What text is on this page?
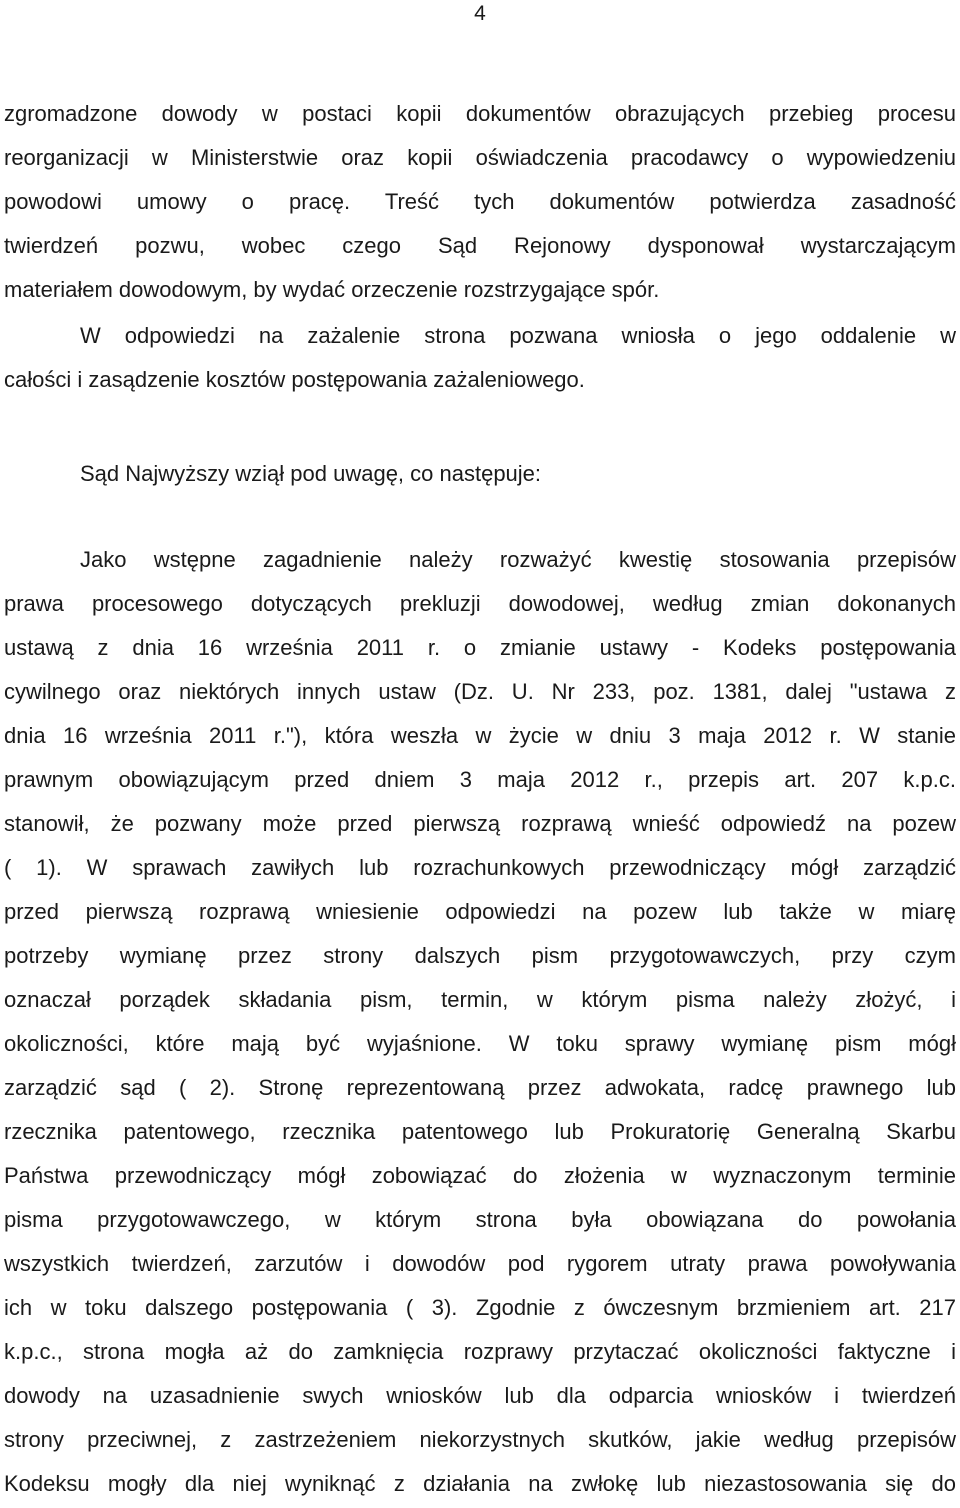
4
zgromadzone dowody w postaci kopii dokumentów obrazujących przebieg procesu
reorganizacji w Ministerstwie oraz kopii oświadczenia pracodawcy o wypowiedzeniu
powodowi umowy o pracę. Treść tych dokumentów potwierdza zasadność
twierdzeń pozwu, wobec czego Sąd Rejonowy dysponował wystarczającym
materiałem dowodowym, by wydać orzeczenie rozstrzygające spór.
W odpowiedzi na zażalenie strona pozwana wniosła o jego oddalenie w
całości i zasądzenie kosztów postępowania zażaleniowego.
Sąd Najwyższy wziął pod uwagę, co następuje:
Jako wstępne zagadnienie należy rozważyć kwestię stosowania przepisów
prawa procesowego dotyczących prekluzji dowodowej, według zmian dokonanych
ustawą z dnia 16 września 2011 r. o zmianie ustawy - Kodeks postępowania
cywilnego oraz niektórych innych ustaw (Dz. U. Nr 233, poz. 1381, dalej "ustawa z
dnia 16 września 2011 r."), która weszła w życie w dniu 3 maja 2012 r. W stanie
prawnym obowiązującym przed dniem 3 maja 2012 r., przepis art. 207 k.p.c.
stanowił, że pozwany może przed pierwszą rozprawą wnieść odpowiedź na pozew
( 1). W sprawach zawiłych lub rozrachunkowych przewodniczący mógł zarządzić
przed pierwszą rozprawą wniesienie odpowiedzi na pozew lub także w miarę
potrzeby wymianę przez strony dalszych pism przygotowawczych, przy czym
oznaczał porządek składania pism, termin, w którym pisma należy złożyć, i
okoliczności, które mają być wyjaśnione. W toku sprawy wymianę pism mógł
zarządzić sąd ( 2). Stronę reprezentowaną przez adwokata, radcę prawnego lub
rzecznika patentowego, rzecznika patentowego lub Prokuratorię Generalną Skarbu
Państwa przewodniczący mógł zobowiązać do złożenia w wyznaczonym terminie
pisma przygotowawczego, w którym strona była obowiązana do powołania
wszystkich twierdzeń, zarzutów i dowodów pod rygorem utraty prawa powoływania
ich w toku dalszego postępowania ( 3). Zgodnie z ówczesnym brzmieniem art. 217
k.p.c., strona mogła aż do zamknięcia rozprawy przytaczać okoliczności faktyczne i
dowody na uzasadnienie swych wniosków lub dla odparcia wniosków i twierdzeń
strony przeciwnej, z zastrzeżeniem niekorzystnych skutków, jakie według przepisów
Kodeksu mogły dla niej wyniknąć z działania na zwłokę lub niezastosowania się do
